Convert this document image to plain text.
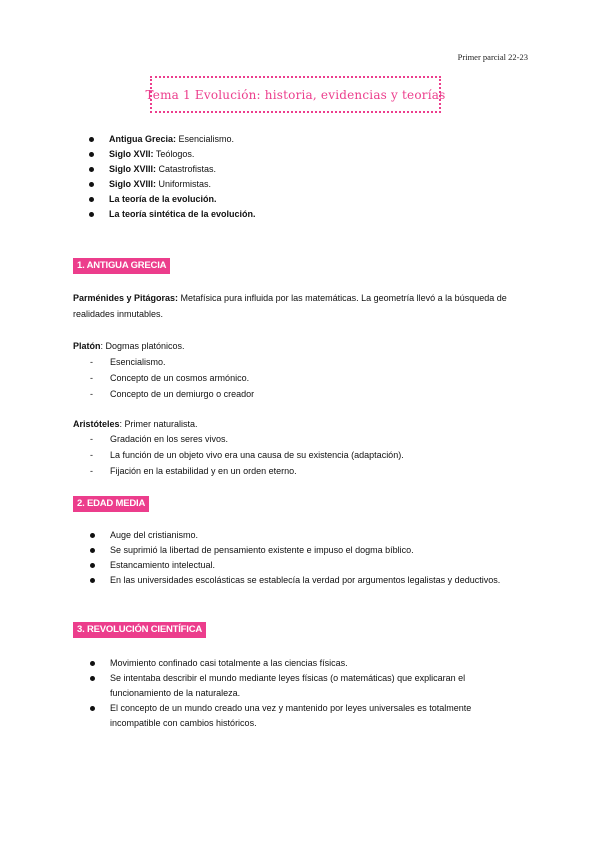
Primer parcial 22-23
Tema 1 Evolución: historia, evidencias y teorías
Antigua Grecia: Esencialismo.
Siglo XVII: Teólogos.
Siglo XVIII: Catastrofistas.
Siglo XVIII: Uniformistas.
La teoría de la evolución.
La teoría sintética de la evolución.
1. ANTIGUA GRECIA
Parménides y Pitágoras: Metafísica pura influida por las matemáticas. La geometría llevó a la búsqueda de realidades inmutables.
Platón: Dogmas platónicos.
- Esencialismo.
- Concepto de un cosmos armónico.
- Concepto de un demiurgo o creador
Aristóteles: Primer naturalista.
- Gradación en los seres vivos.
- La función de un objeto vivo era una causa de su existencia (adaptación).
- Fijación en la estabilidad y en un orden eterno.
2. EDAD MEDIA
Auge del cristianismo.
Se suprimió la libertad de pensamiento existente e impuso el dogma bíblico.
Estancamiento intelectual.
En las universidades escolásticas se establecía la verdad por argumentos legalistas y deductivos.
3. REVOLUCIÓN CIENTÍFICA
Movimiento confinado casi totalmente a las ciencias físicas.
Se intentaba describir el mundo mediante leyes físicas (o matemáticas) que explicaran el funcionamiento de la naturaleza.
El concepto de un mundo creado una vez y mantenido por leyes universales es totalmente incompatible con cambios históricos.
